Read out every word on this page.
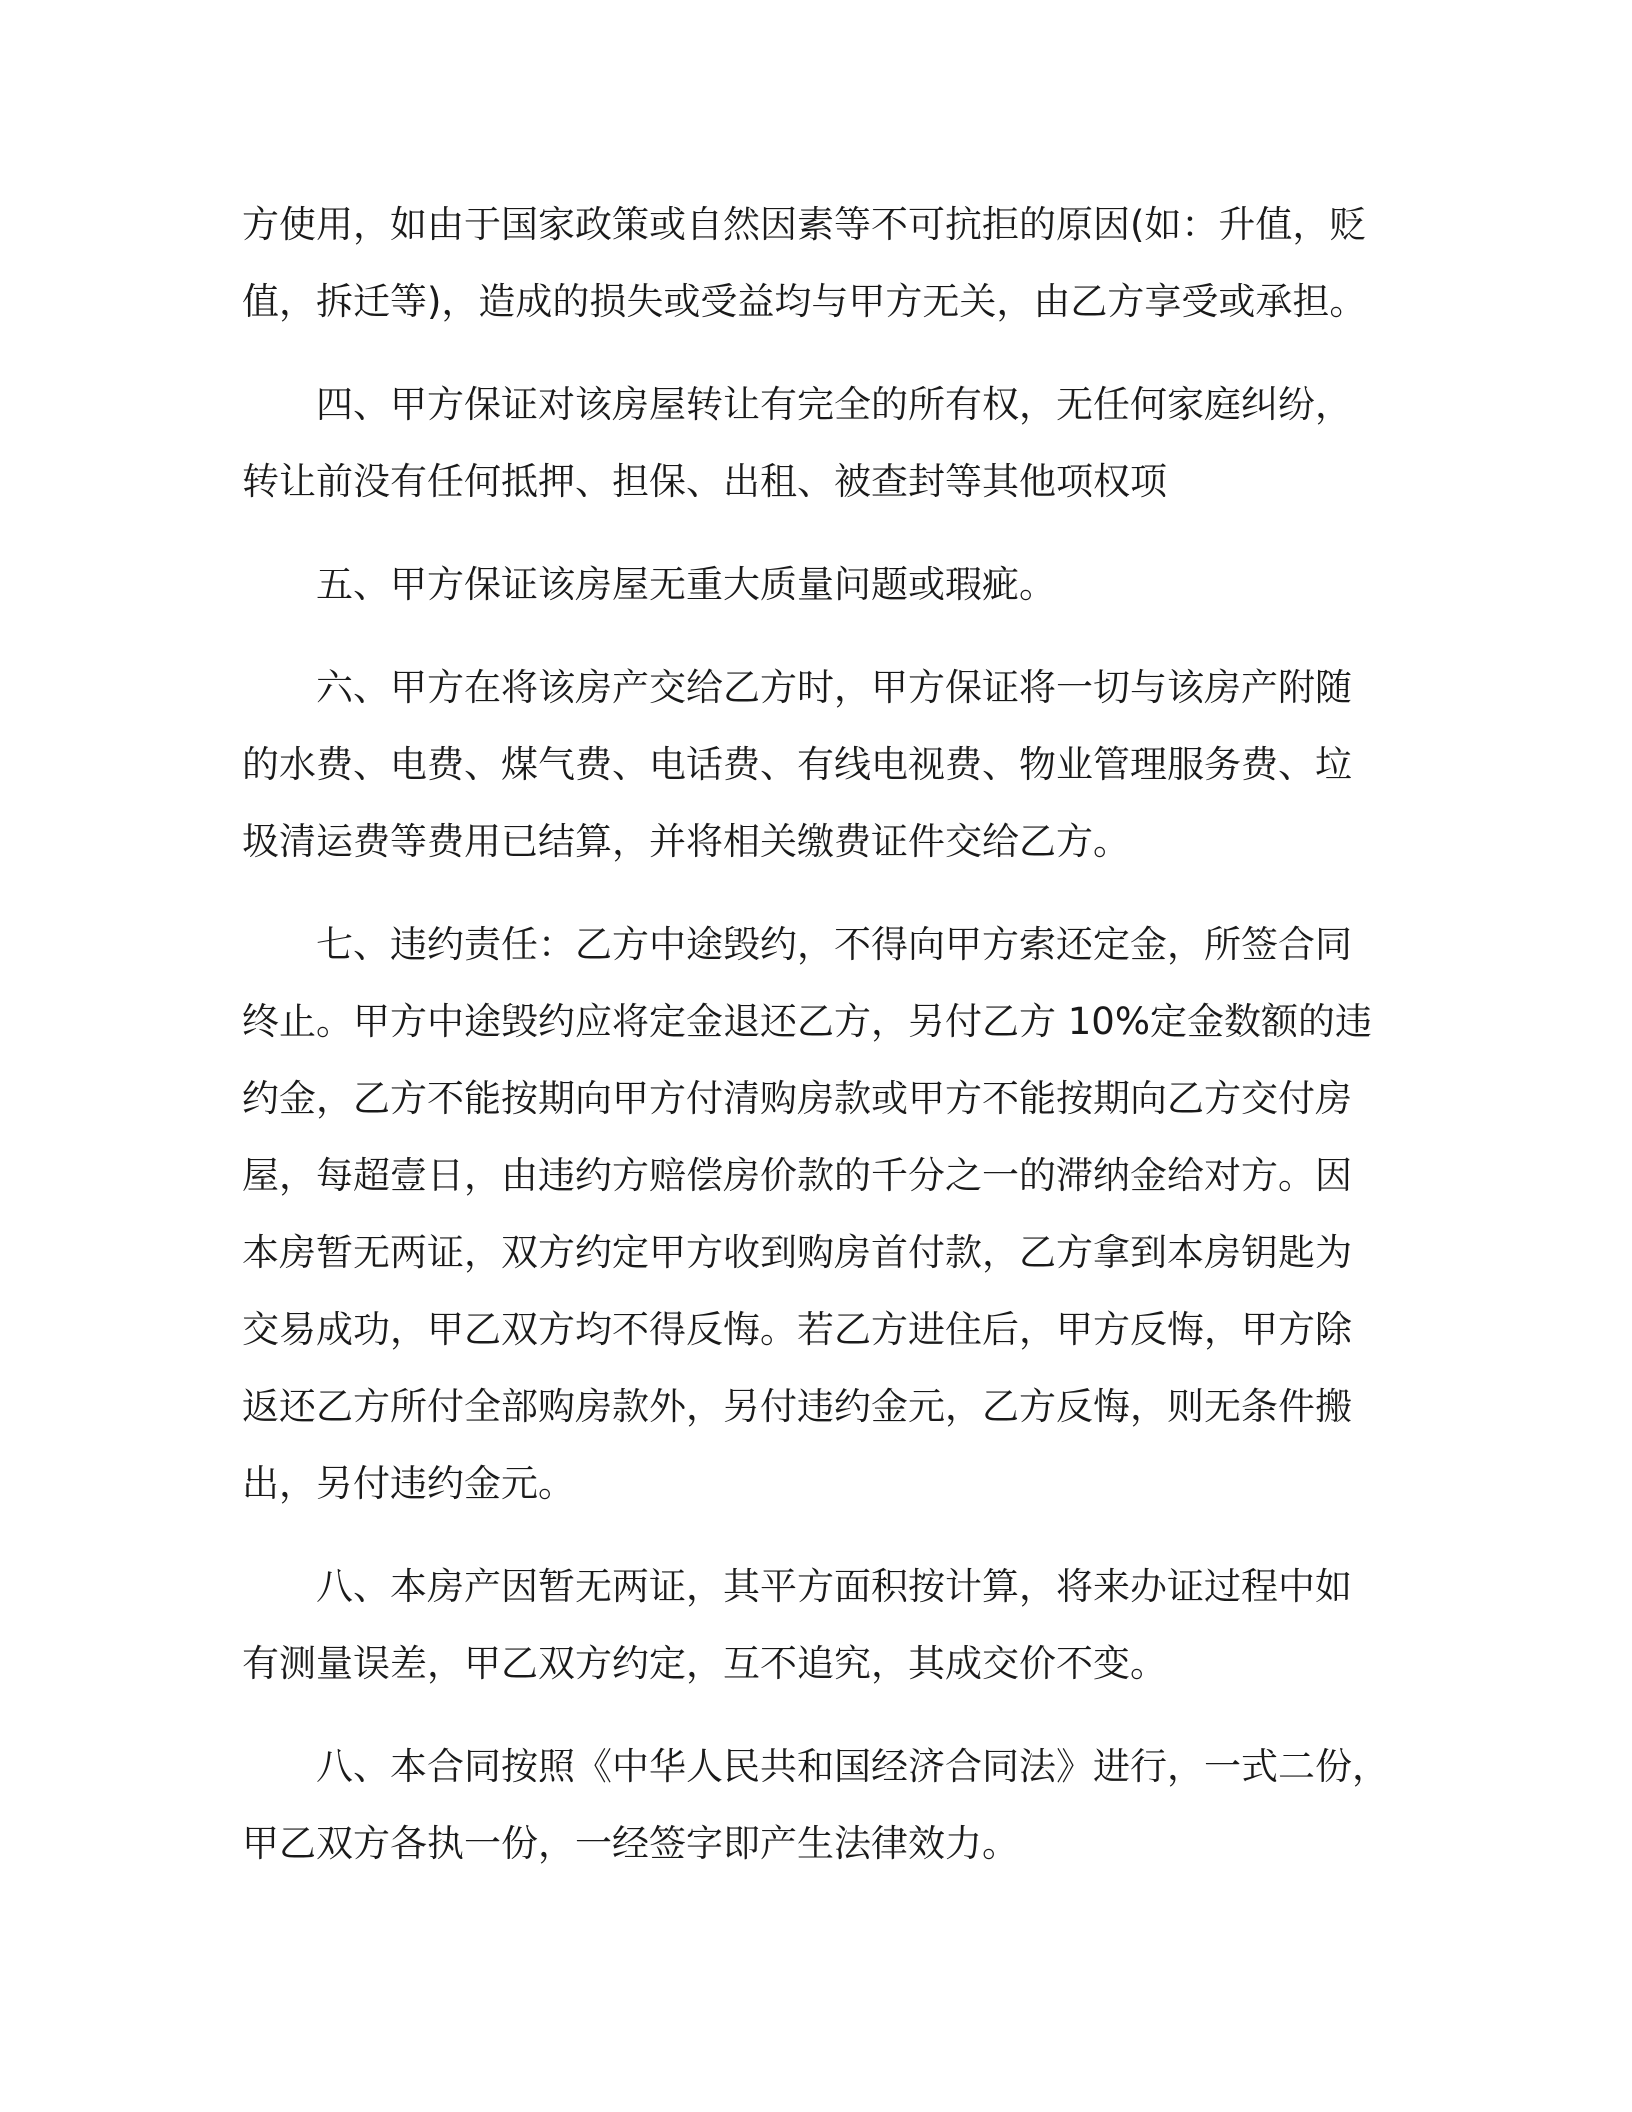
方使用，如由于国家政策或自然因素等不可抗拒的原因(如：升值，贬
值，拆迁等)，造成的损失或受益均与甲方无关，由乙方享受或承担。

四、甲方保证对该房屋转让有完全的所有权，无任何家庭纠纷，
转让前没有任何抵押、担保、出租、被查封等其他项权项

五、甲方保证该房屋无重大质量问题或瑕疵。

六、甲方在将该房产交给乙方时，甲方保证将一切与该房产附随
的水费、电费、煤气费、电话费、有线电视费、物业管理服务费、垃
圾清运费等费用已结算，并将相关缴费证件交给乙方。

七、违约责任：乙方中途毁约，不得向甲方索还定金，所签合同
终止。甲方中途毁约应将定金退还乙方，另付乙方 10%定金数额的违
约金，乙方不能按期向甲方付清购房款或甲方不能按期向乙方交付房
屋，每超壹日，由违约方赔偿房价款的千分之一的滞纳金给对方。因
本房暂无两证，双方约定甲方收到购房首付款，乙方拿到本房钥匙为
交易成功，甲乙双方均不得反悔。若乙方进住后，甲方反悔，甲方除
返还乙方所付全部购房款外，另付违约金元，乙方反悔，则无条件搬
出，另付违约金元。

八、本房产因暂无两证，其平方面积按计算，将来办证过程中如
有测量误差，甲乙双方约定，互不追究，其成交价不变。

八、本合同按照《中华人民共和国经济合同法》进行，一式二份，
甲乙双方各执一份，一经签字即产生法律效力。
